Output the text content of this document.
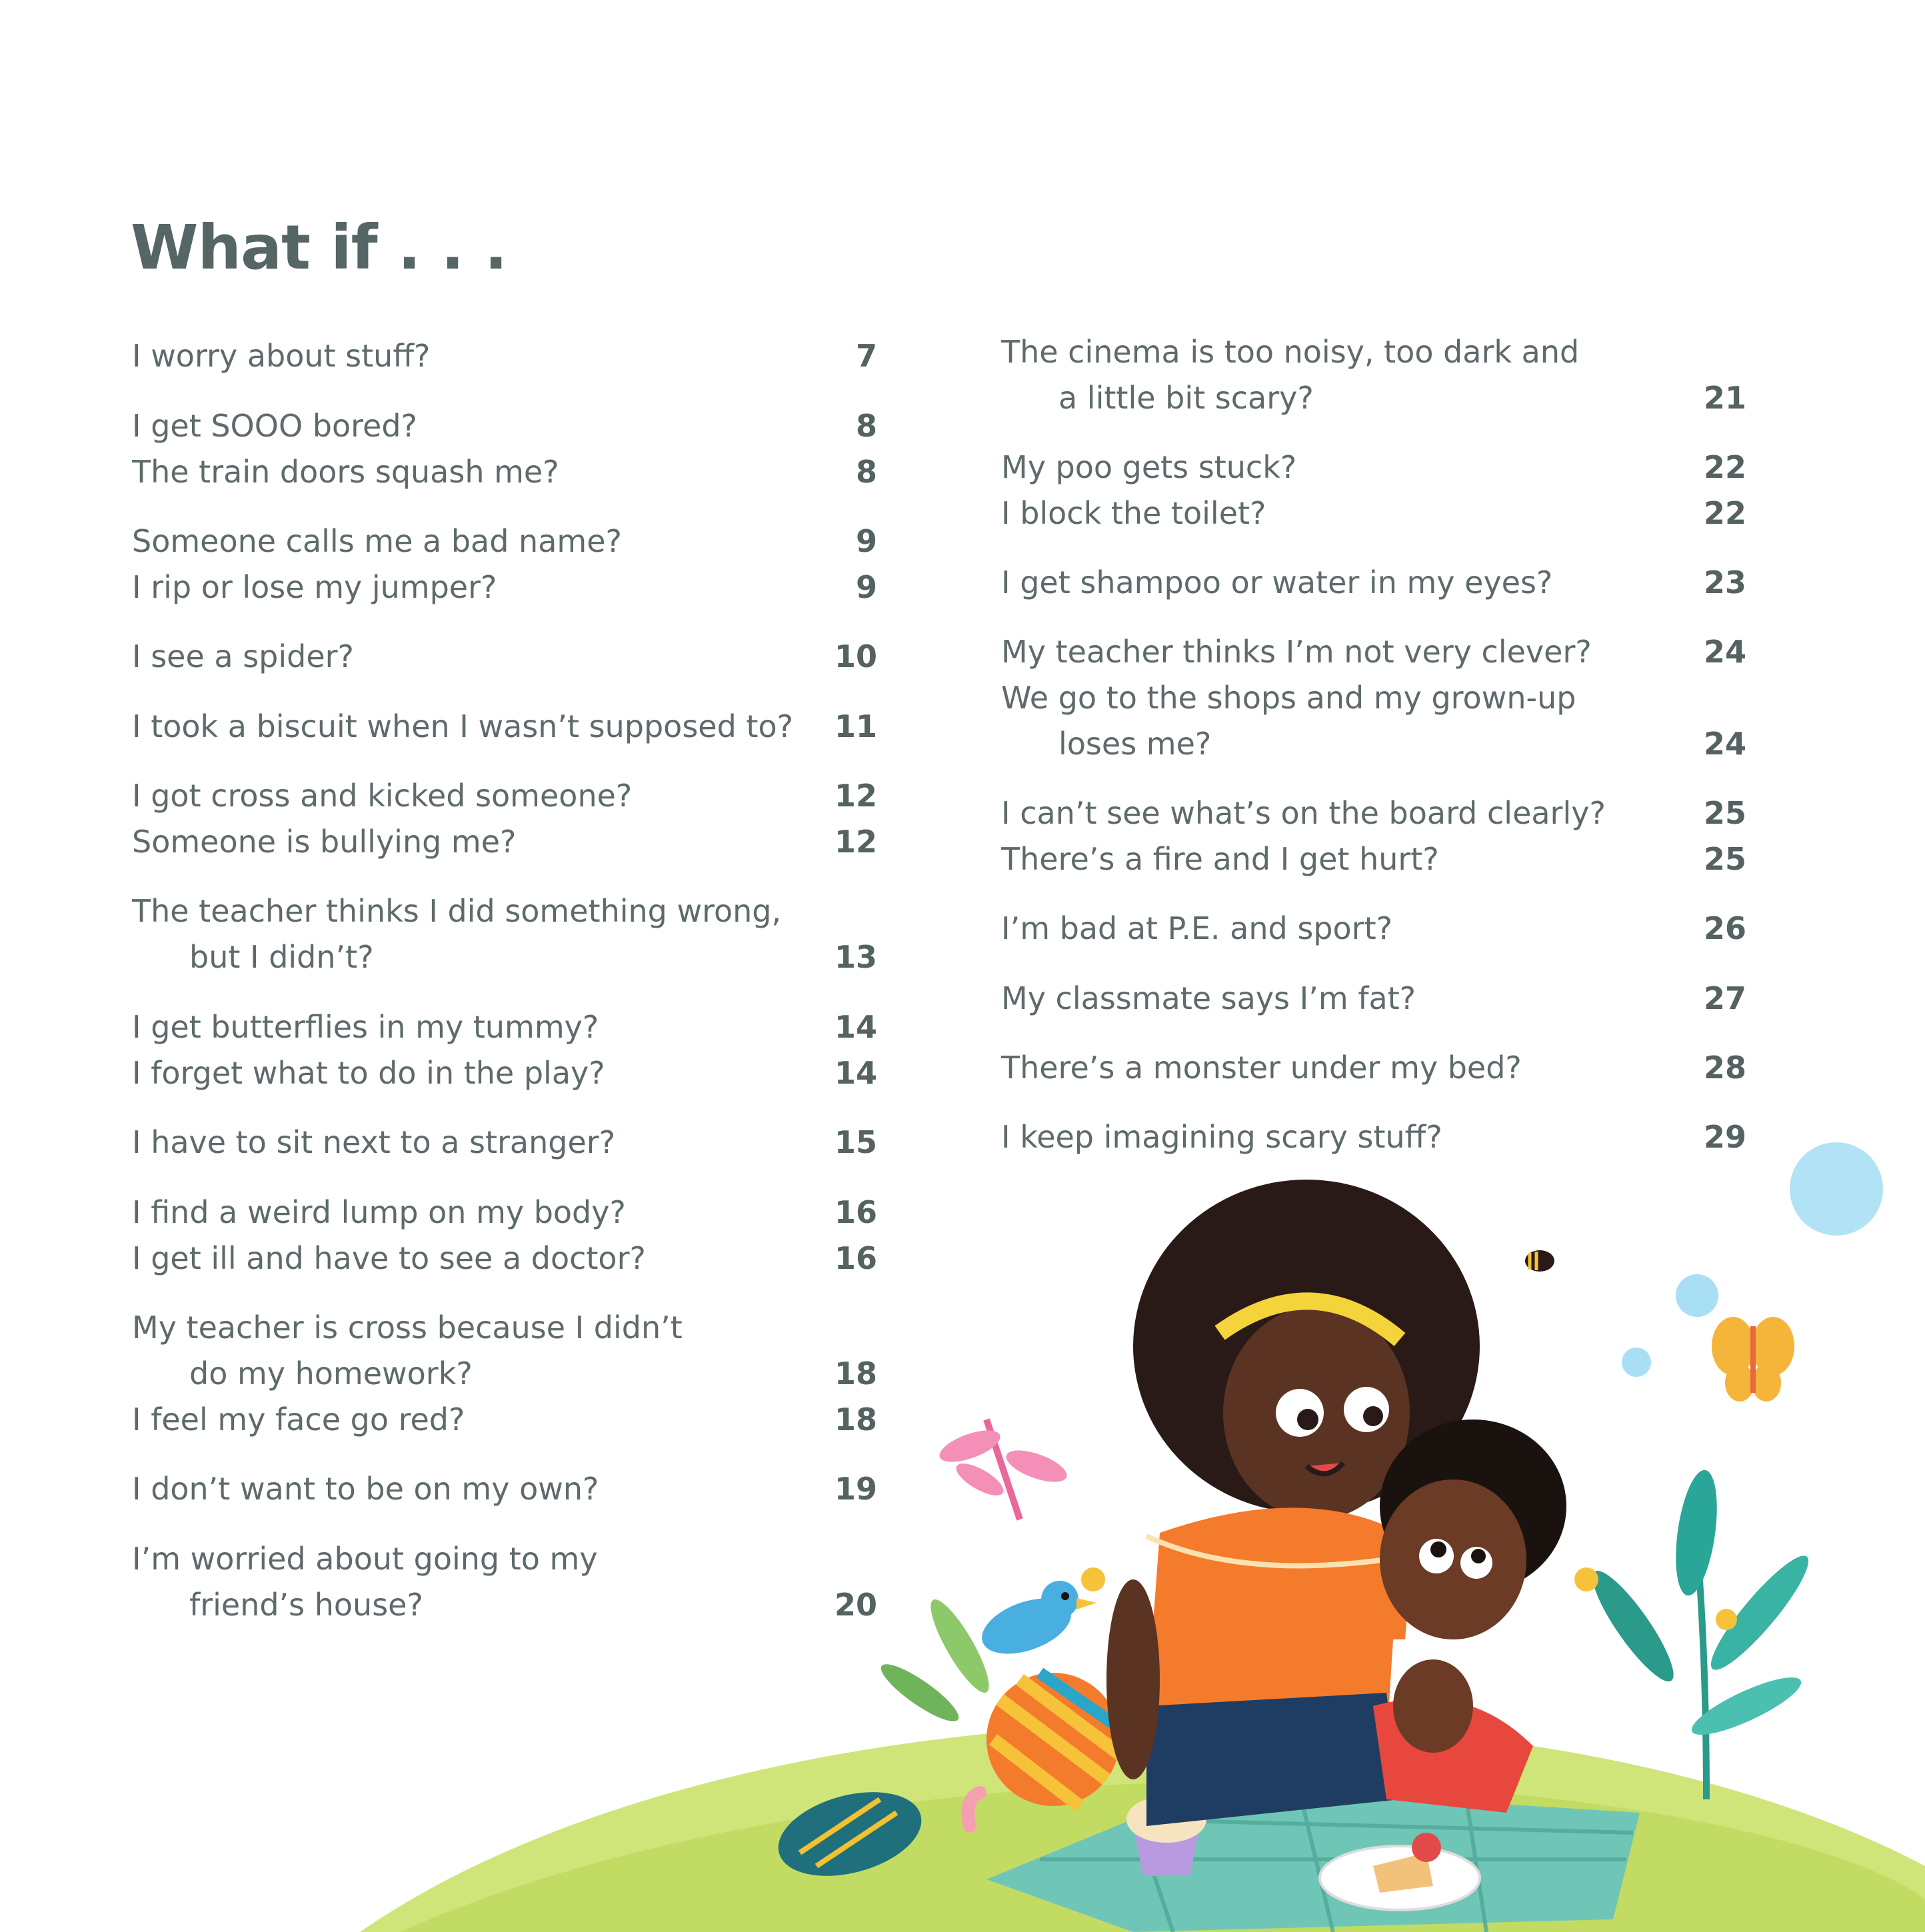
What if . . .
I worry about stuff?	7
I get SOOO bored?	8
The train doors squash me?	8
Someone calls me a bad name?	9
I rip or lose my jumper?	9
I see a spider?	10
I took a biscuit when I wasn’t supposed to?	11
I got cross and kicked someone?	12
Someone is bullying me?	12
The teacher thinks I did something wrong,
but I didn’t?	13
I get butterflies in my tummy?	14
I forget what to do in the play?	14
I have to sit next to a stranger?	15
I find a weird lump on my body?	16
I get ill and have to see a doctor?	16
My teacher is cross because I didn’t
do my homework?	18
I feel my face go red?	18
I don’t want to be on my own?	19
I’m worried about going to my
friend’s house?	20
The cinema is too noisy, too dark and
a little bit scary?	21
My poo gets stuck?	22
I block the toilet?	22
I get shampoo or water in my eyes?	23
My teacher thinks I’m not very clever?	24
We go to the shops and my grown-up
loses me?	24
I can’t see what’s on the board clearly?	25
There’s a fire and I get hurt?	25
I’m bad at P.E. and sport?	26
My classmate says I’m fat?	27
There’s a monster under my bed?	28
I keep imagining scary stuff?	29
